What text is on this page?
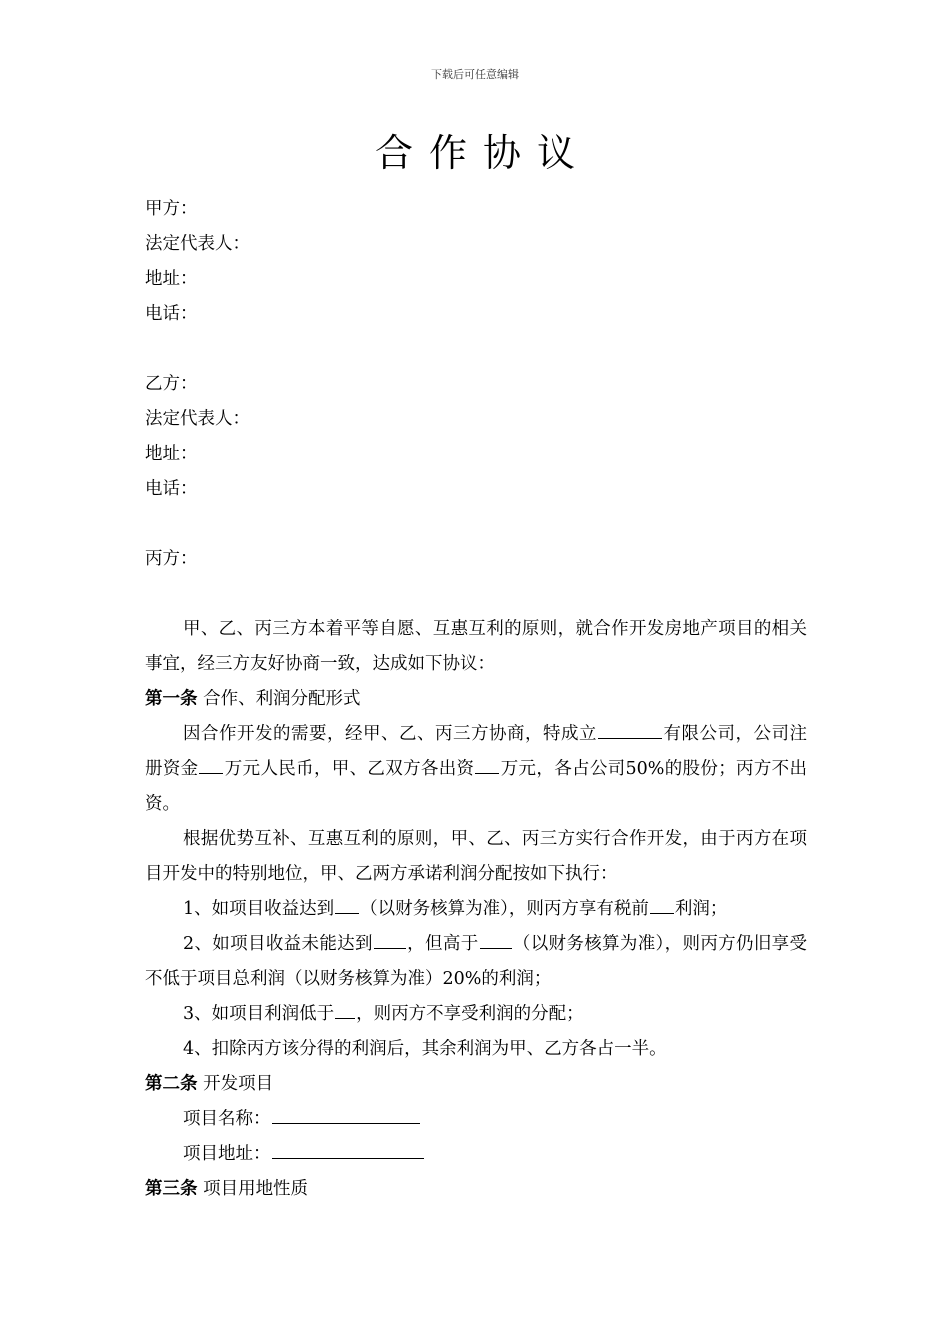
下载后可任意编辑
合作协议
甲方：
法定代表人：
地址：
电话：
乙方：
法定代表人：
地址：
电话：
丙方：
甲、乙、丙三方本着平等自愿、互惠互利的原则，就合作开发房地产项目的相关事宜，经三方友好协商一致，达成如下协议：
第一条 合作、利润分配形式
因合作开发的需要，经甲、乙、丙三方协商，特成立	有限公司，公司注册资金 万元人民币，甲、乙双方各出资 万元，各占公司50%的股份；丙方不出资。
根据优势互补、互惠互利的原则，甲、乙、丙三方实行合作开发，由于丙方在项目开发中的特别地位，甲、乙两方承诺利润分配按如下执行：
1、如项目收益达到 （以财务核算为准），则丙方享有税前 利润；
2、如项目收益未能达到 ，但高于 （以财务核算为准），则丙方仍旧享受不低于项目总利润（以财务核算为准）20%的利润；
3、如项目利润低于 ，则丙方不享受利润的分配；
4、扣除丙方该分得的利润后，其余利润为甲、乙方各占一半。
第二条 开发项目
项目名称：
项目地址：
第三条 项目用地性质
